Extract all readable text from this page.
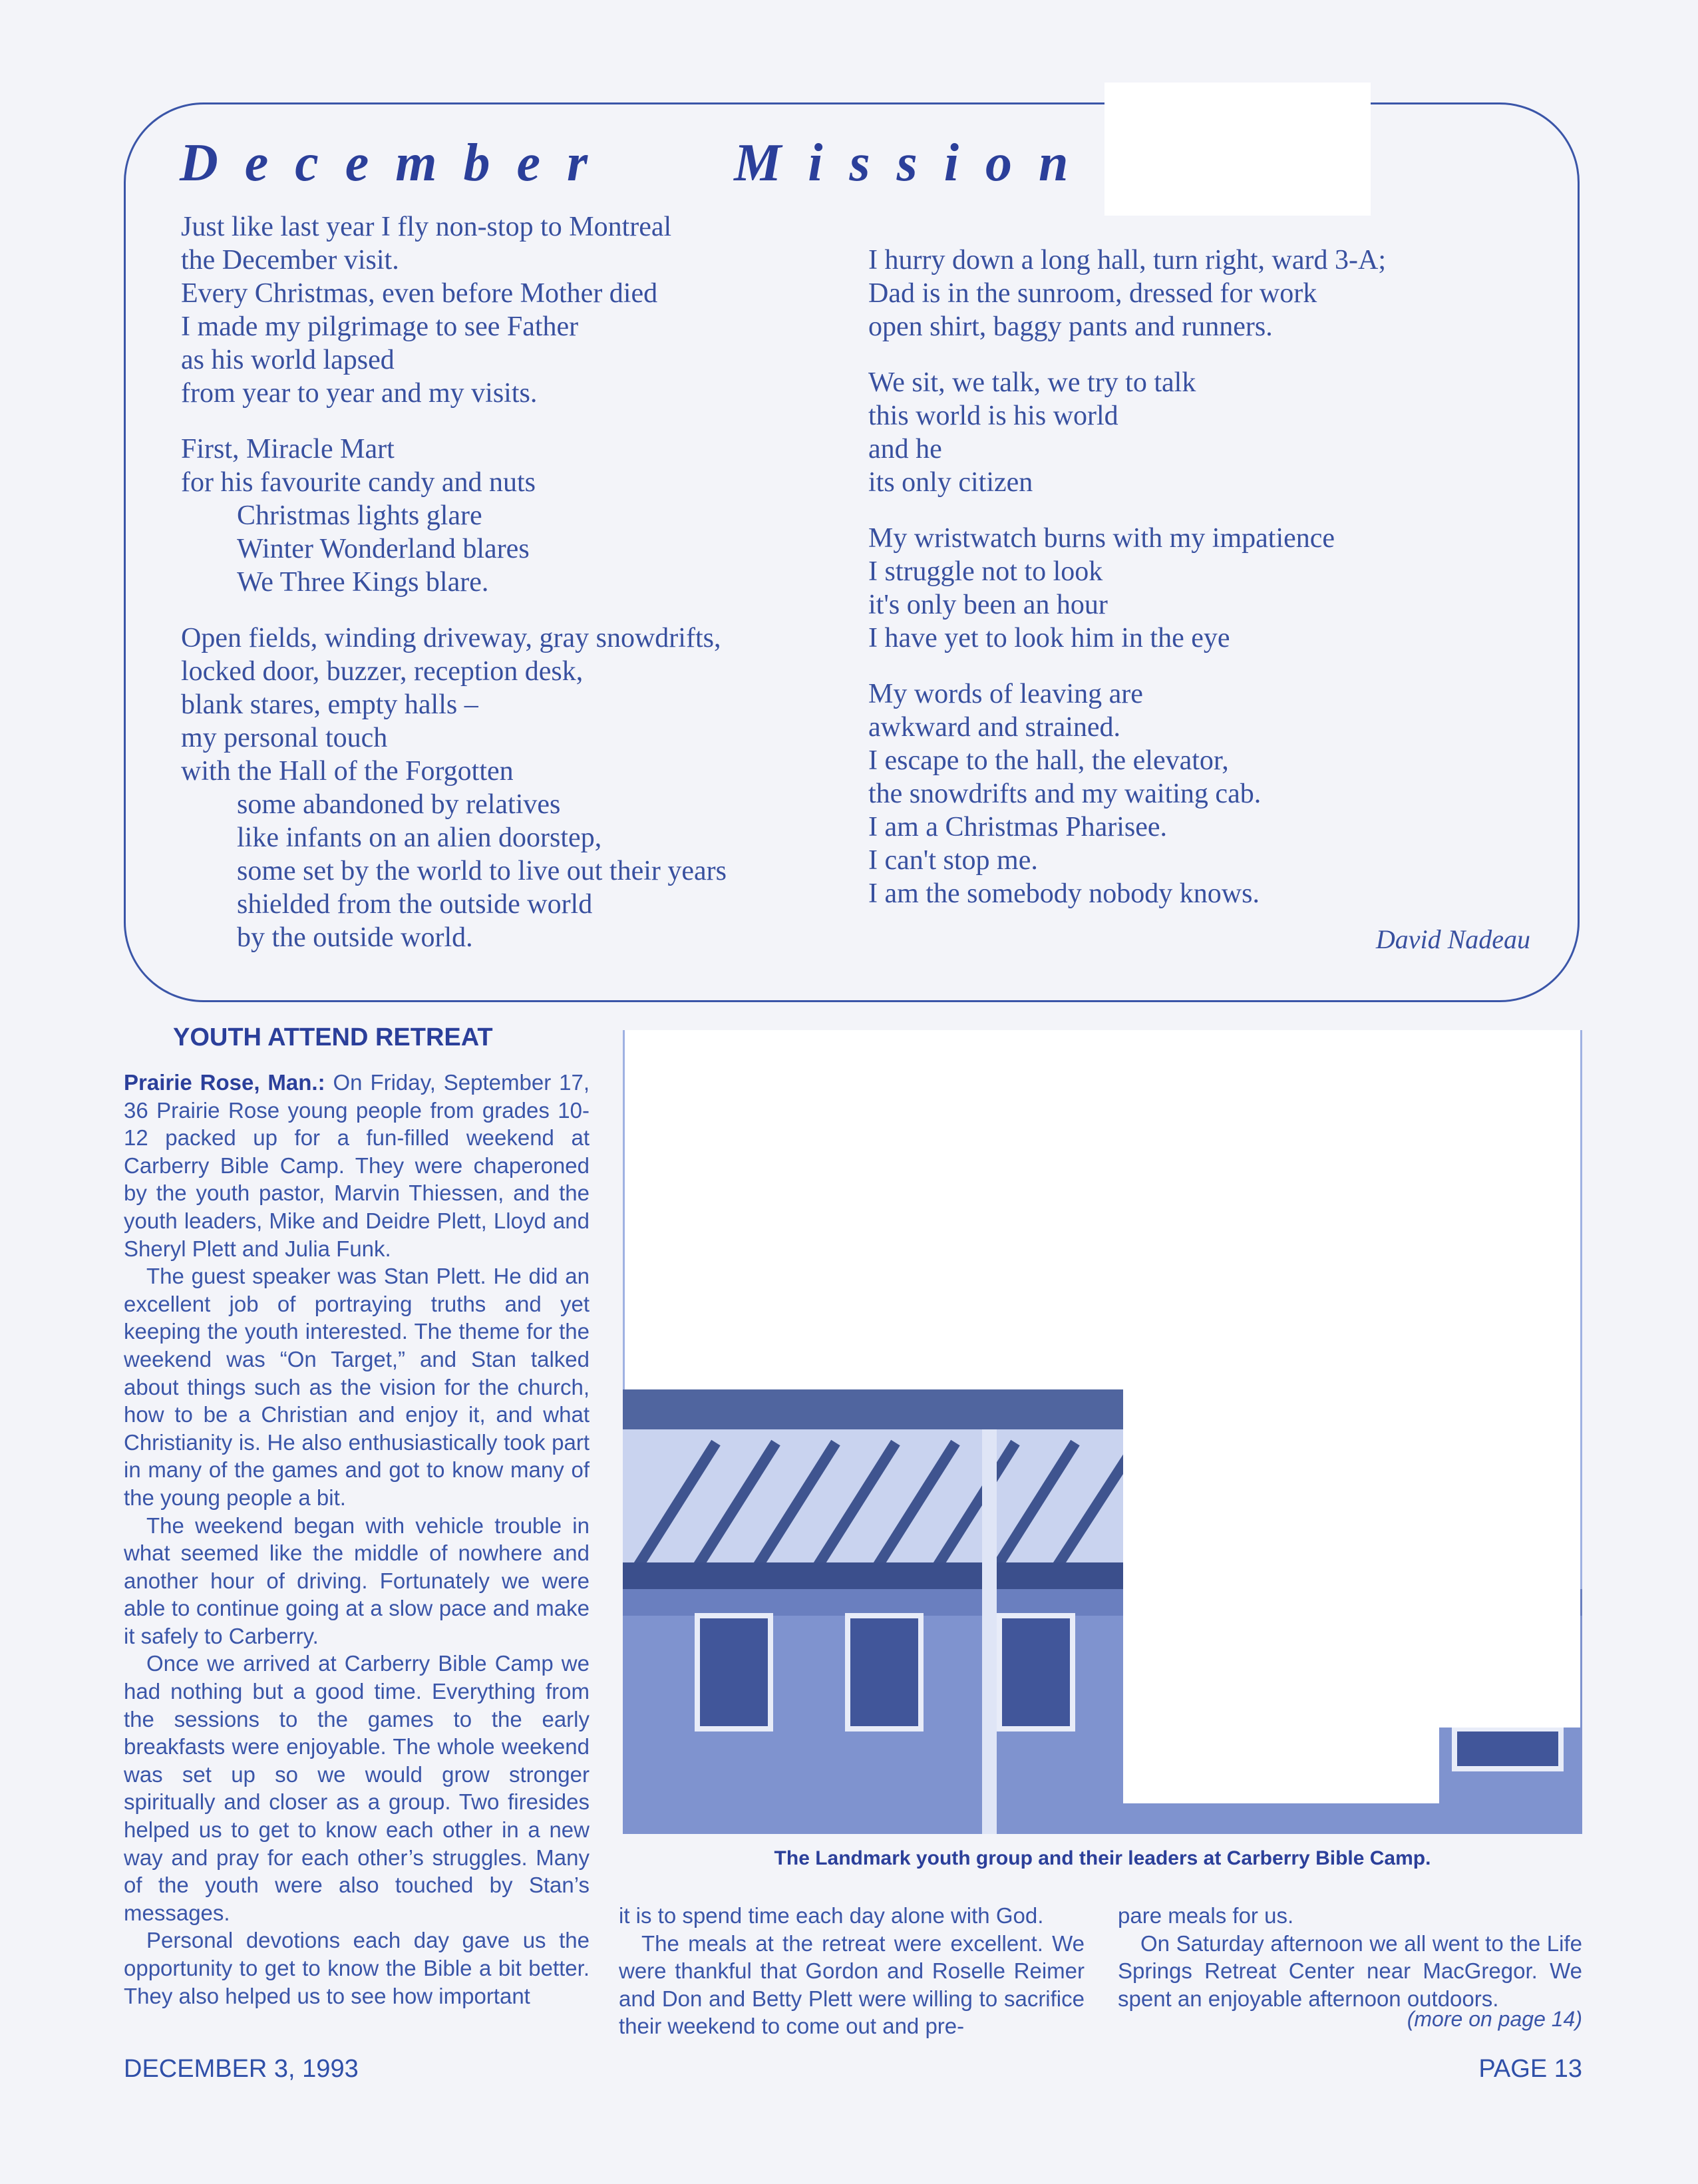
December   Mission
Just like last year I fly non-stop to Montreal
the December visit.
Every Christmas, even before Mother died
I made my pilgrimage to see Father
as his world lapsed
from year to year and my visits.
First, Miracle Mart
for his favourite candy and nuts
Christmas lights glare
Winter Wonderland blares
We Three Kings blare.
Open fields, winding driveway, gray snowdrifts,
locked door, buzzer, reception desk,
blank stares, empty halls –
my personal touch
with the Hall of the Forgotten
some abandoned by relatives
like infants on an alien doorstep,
some set by the world to live out their years
shielded from the outside world
by the outside world.
I hurry down a long hall, turn right, ward 3-A;
Dad is in the sunroom, dressed for work
open shirt, baggy pants and runners.
We sit, we talk, we try to talk
this world is his world
and he
its only citizen
My wristwatch burns with my impatience
I struggle not to look
it's only been an hour
I have yet to look him in the eye
My words of leaving are
awkward and strained.
I escape to the hall, the elevator,
the snowdrifts and my waiting cab.
I am a Christmas Pharisee.
I can't stop me.
I am the somebody nobody knows.
David Nadeau
YOUTH ATTEND RETREAT

Prairie Rose, Man.: On Friday, September 17, 36 Prairie Rose young people from grades 10-12 packed up for a fun-filled weekend at Carberry Bible Camp. They were chaperoned by the youth pastor, Marvin Thiessen, and the youth leaders, Mike and Deidre Plett, Lloyd and Sheryl Plett and Julia Funk.

The guest speaker was Stan Plett. He did an excellent job of portraying truths and yet keeping the youth interested. The theme for the weekend was “On Target,” and Stan talked about things such as the vision for the church, how to be a Christian and enjoy it, and what Christianity is. He also enthusiastically took part in many of the games and got to know many of the young people a bit.

The weekend began with vehicle trouble in what seemed like the middle of nowhere and another hour of driving. Fortunately we were able to continue going at a slow pace and make it safely to Carberry.

Once we arrived at Carberry Bible Camp we had nothing but a good time. Everything from the sessions to the games to the early breakfasts were enjoyable. The whole weekend was set up so we would grow stronger spiritually and closer as a group. Two firesides helped us to get to know each other in a new way and pray for each other’s struggles. Many of the youth were also touched by Stan’s messages.

Personal devotions each day gave us the opportunity to get to know the Bible a bit better. They also helped us to see how important

The Landmark youth group and their leaders at Carberry Bible Camp.

it is to spend time each day alone with God.

The meals at the retreat were excellent. We were thankful that Gordon and Roselle Reimer and Don and Betty Plett were willing to sacrifice their weekend to come out and pre-

pare meals for us.

On Saturday afternoon we all went to the Life Springs Retreat Center near MacGregor. We spent an enjoyable afternoon outdoors.

(more on page 14)
DECEMBER 3, 1993	PAGE 13
